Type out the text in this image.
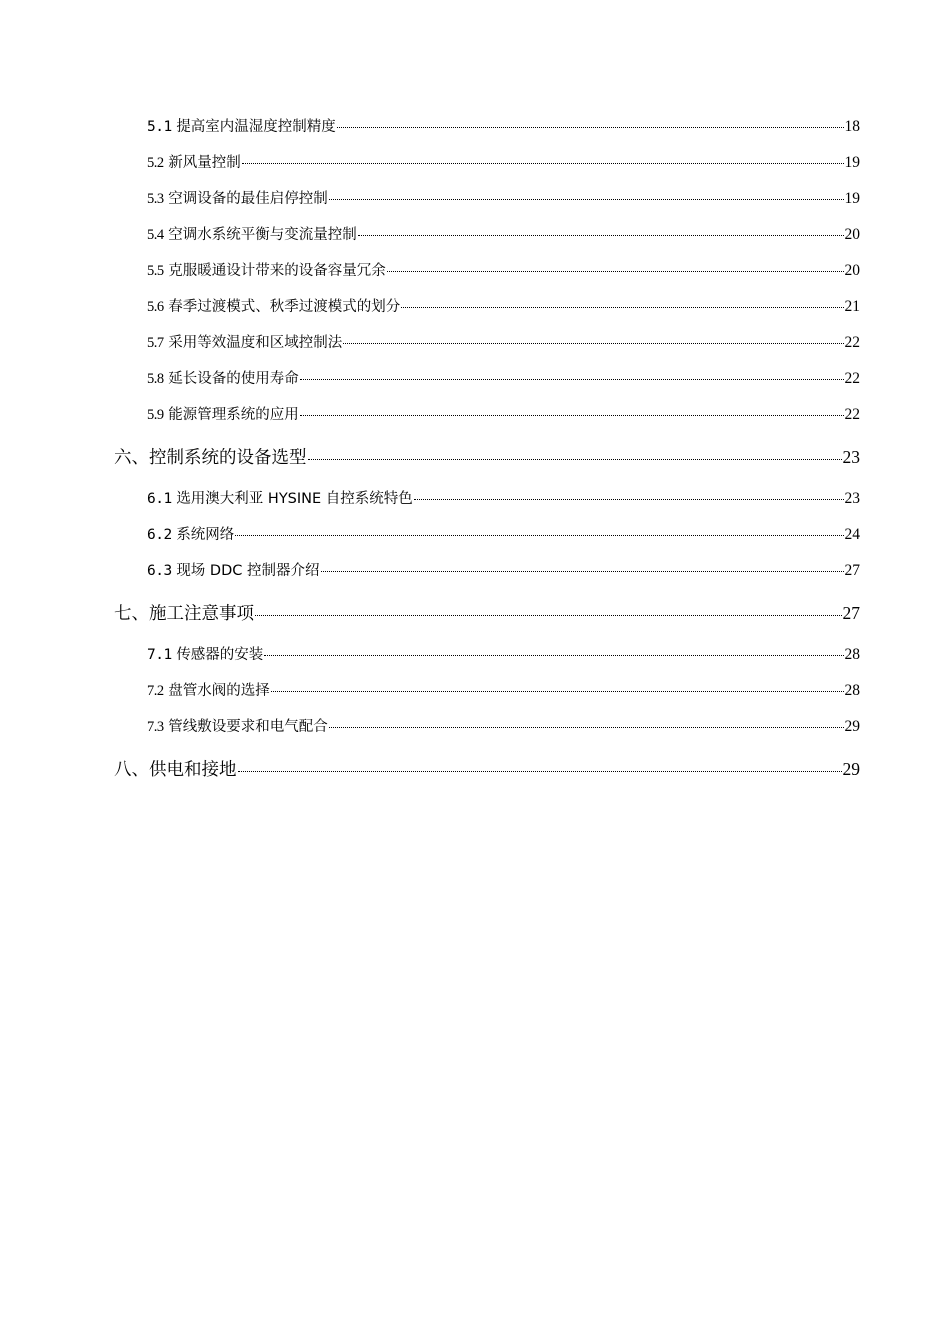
5.1 提高室内温湿度控制精度	18
5.2 新风量控制	19
5.3 空调设备的最佳启停控制	19
5.4 空调水系统平衡与变流量控制	20
5.5 克服暖通设计带来的设备容量冗余	20
5.6 春季过渡模式、秋季过渡模式的划分	21
5.7 采用等效温度和区域控制法	22
5.8 延长设备的使用寿命	22
5.9 能源管理系统的应用	22
六、控制系统的设备选型	23
6.1 选用澳大利亚 HYSINE 自控系统特色	23
6.2 系统网络	24
6.3 现场 DDC 控制器介绍	27
七、施工注意事项	27
7.1 传感器的安装	28
7.2 盘管水阀的选择	28
7.3 管线敷设要求和电气配合	29
八、供电和接地	29
